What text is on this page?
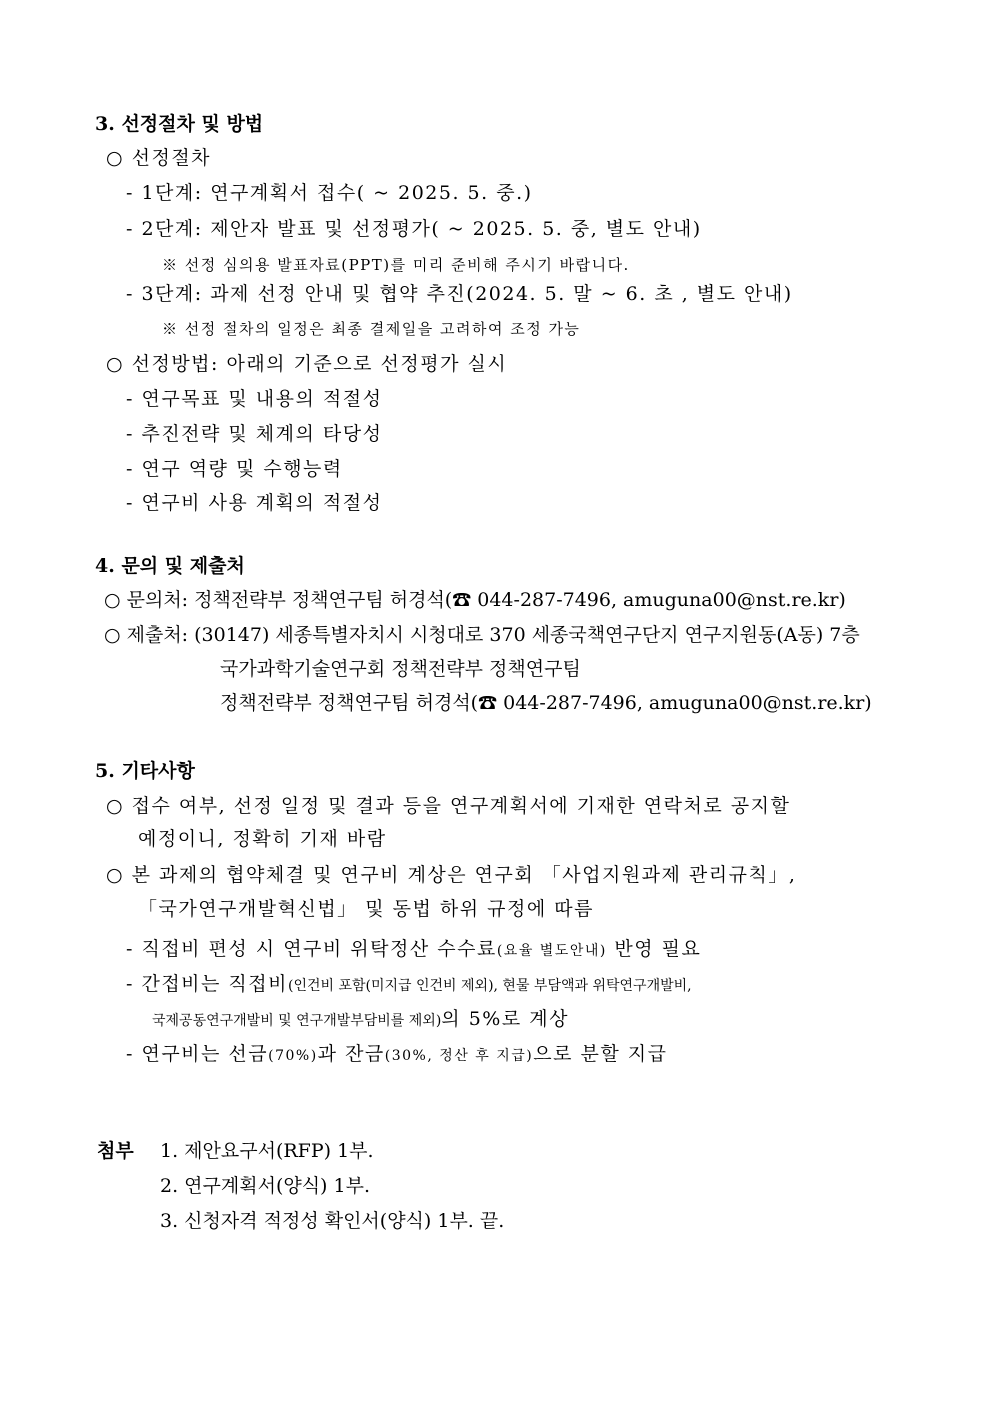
3. 선정절차 및 방법
○ 선정절차
- 1단계: 연구계획서 접수( ~ 2025. 5. 중.)
- 2단계: 제안자 발표 및 선정평가( ~ 2025. 5. 중, 별도 안내)
※ 선정 심의용 발표자료(PPT)를 미리 준비해 주시기 바랍니다.
- 3단계: 과제 선정 안내 및 협약 추진(2024. 5. 말 ~ 6. 초 , 별도 안내)
※ 선정 절차의 일정은 최종 결제일을 고려하여 조정 가능
○ 선정방법: 아래의 기준으로 선정평가 실시
- 연구목표 및 내용의 적절성
- 추진전략 및 체계의 타당성
- 연구 역량 및 수행능력
- 연구비 사용 계획의 적절성
4. 문의 및 제출처
○ 문의처: 정책전략부 정책연구팀 허경석(☎ 044-287-7496, amuguna00@nst.re.kr)
○ 제출처: (30147) 세종특별자치시 시청대로 370 세종국책연구단지 연구지원동(A동) 7층
국가과학기술연구회 정책전략부 정책연구팀
정책전략부 정책연구팀 허경석(☎ 044-287-7496, amuguna00@nst.re.kr)
5. 기타사항
○ 접수 여부, 선정 일정 및 결과 등을 연구계획서에 기재한 연락처로 공지할
예정이니, 정확히 기재 바람
○ 본 과제의 협약체결 및 연구비 계상은 연구회 「사업지원과제 관리규칙」,
「국가연구개발혁신법」 및 동법 하위 규정에 따름
- 직접비 편성 시 연구비 위탁정산 수수료(요율 별도안내) 반영 필요
- 간접비는 직접비(인건비 포함(미지급 인건비 제외), 현물 부담액과 위탁연구개발비,
국제공동연구개발비 및 연구개발부담비를 제외)의 5%로 계상
- 연구비는 선금(70%)과 잔금(30%, 정산 후 지급)으로 분할 지급
첨부 1. 제안요구서(RFP) 1부.
2. 연구계획서(양식) 1부.
3. 신청자격 적정성 확인서(양식) 1부. 끝.
